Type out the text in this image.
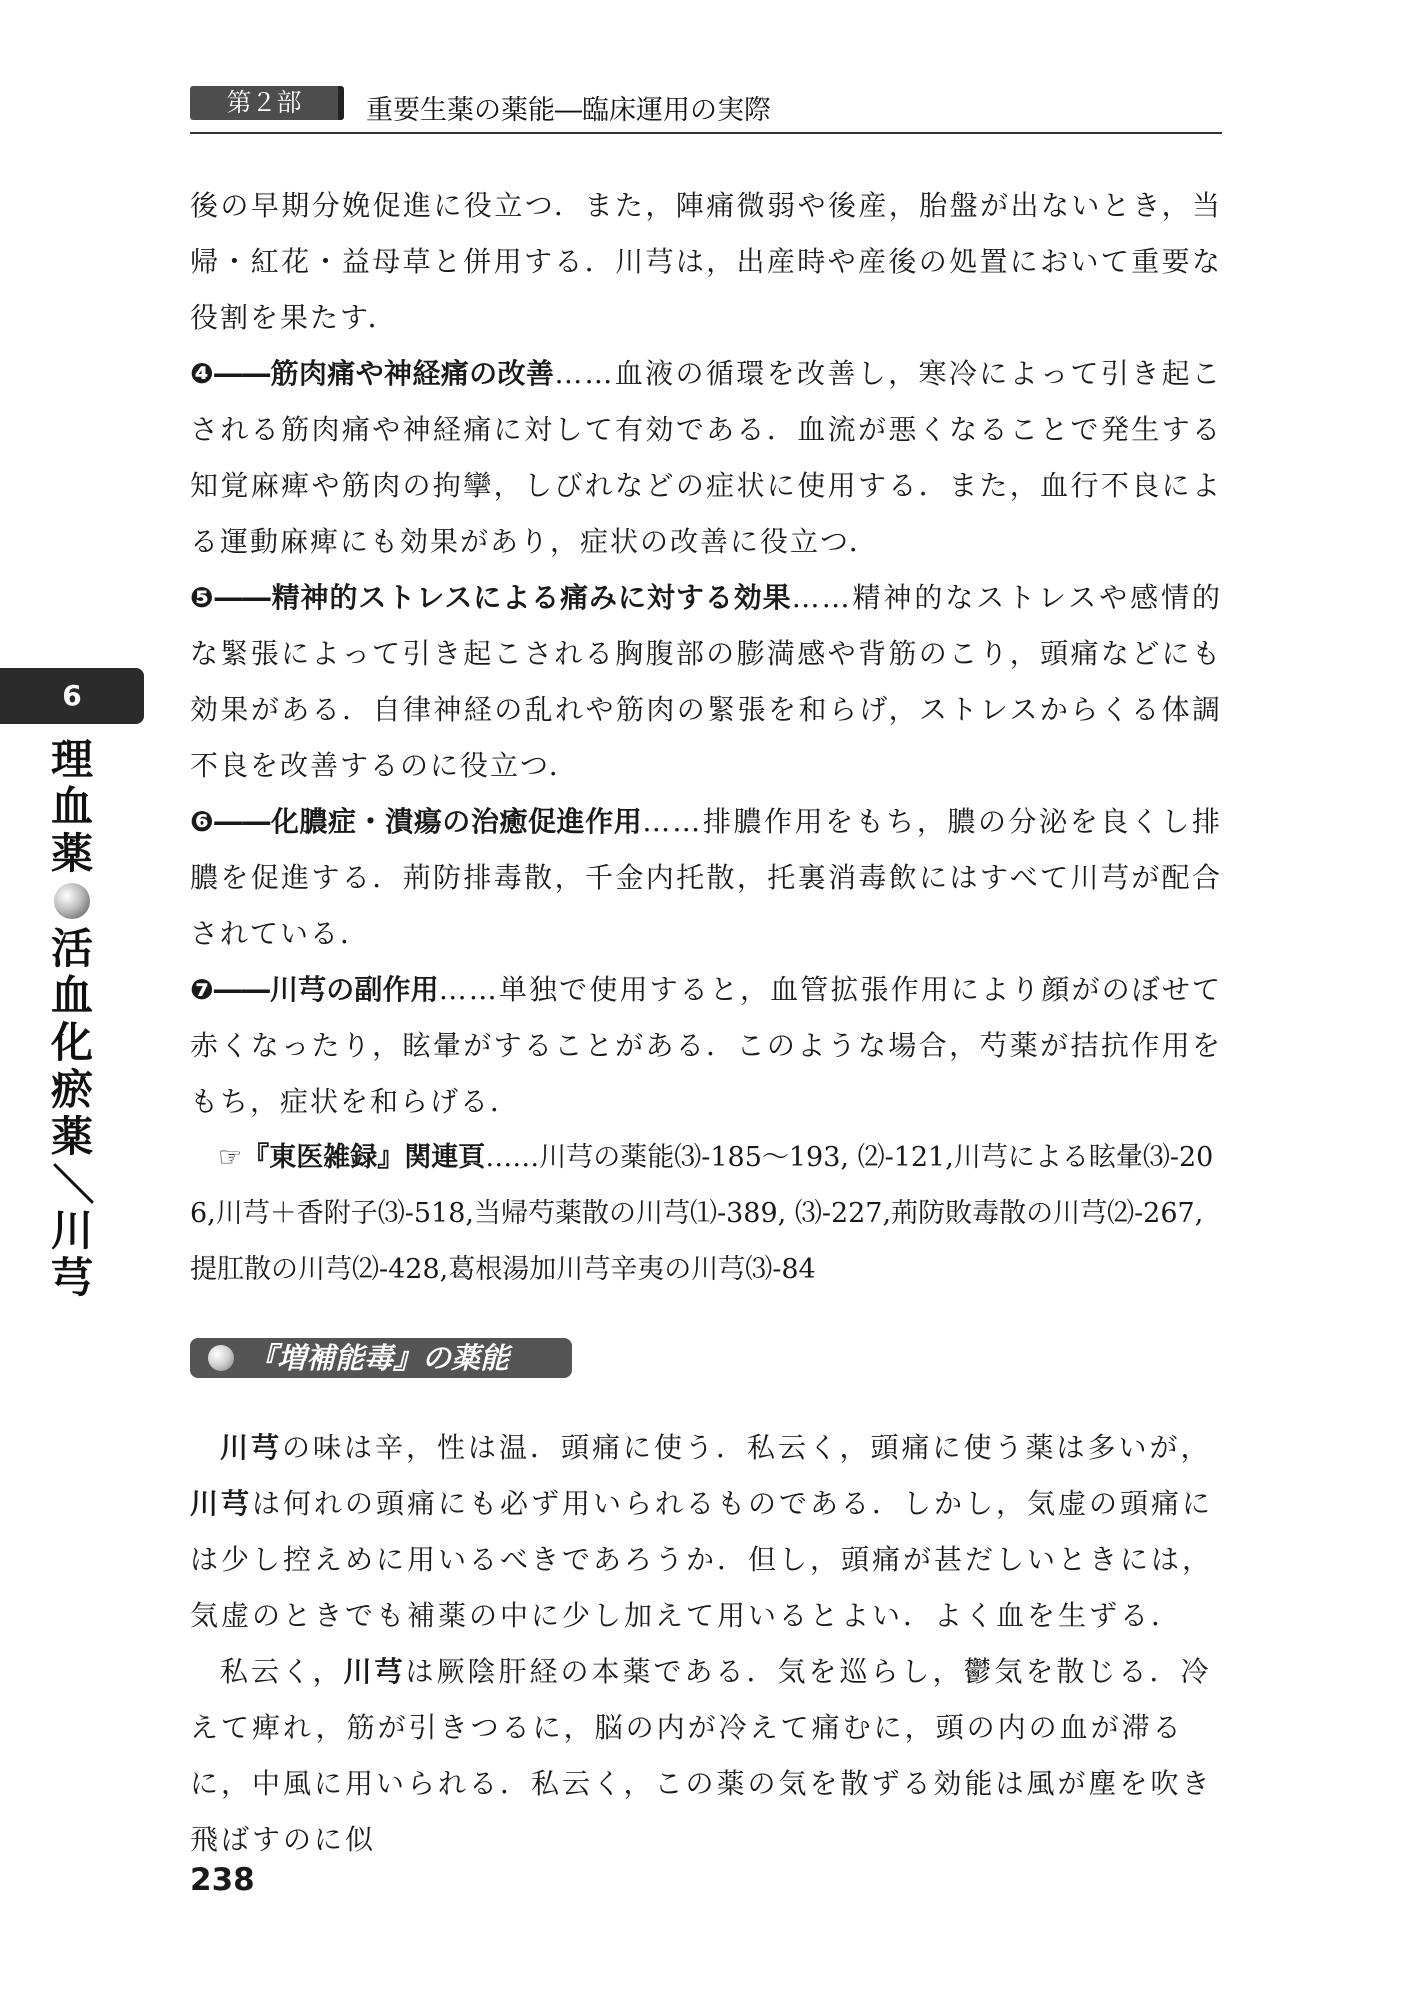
第２部	重要生薬の薬能―臨床運用の実際
6
理
血
薬
活
血
化
瘀
薬
／
川
芎

後の早期分娩促進に役立つ．また，陣痛微弱や後産，胎盤が出ないとき，当帰・紅花・益母草と併用する．川芎は，出産時や産後の処置において重要な役割を果たす．

❹――筋肉痛や神経痛の改善……血液の循環を改善し，寒冷によって引き起こされる筋肉痛や神経痛に対して有効である．血流が悪くなることで発生する知覚麻痺や筋肉の拘攣，しびれなどの症状に使用する．また，血行不良による運動麻痺にも効果があり，症状の改善に役立つ．

❺――精神的ストレスによる痛みに対する効果……精神的なストレスや感情的な緊張によって引き起こされる胸腹部の膨満感や背筋のこり，頭痛などにも効果がある．自律神経の乱れや筋肉の緊張を和らげ，ストレスからくる体調不良を改善するのに役立つ．

❻――化膿症・潰瘍の治癒促進作用……排膿作用をもち，膿の分泌を良くし排膿を促進する．荊防排毒散，千金内托散，托裏消毒飲にはすべて川芎が配合されている．

❼――川芎の副作用……単独で使用すると，血管拡張作用により顔がのぼせて赤くなったり，眩暈がすることがある．このような場合，芍薬が拮抗作用をもち，症状を和らげる．

☞『東医雑録』関連頁……川芎の薬能⑶-185～193, ⑵-121,川芎による眩暈⑶-206,川芎＋香附子⑶-518,当帰芍薬散の川芎⑴-389, ⑶-227,荊防敗毒散の川芎⑵-267,提肛散の川芎⑵-428,葛根湯加川芎辛夷の川芎⑶-84

『増補能毒』の薬能

川芎の味は辛，性は温．頭痛に使う．私云く，頭痛に使う薬は多いが，川芎は何れの頭痛にも必ず用いられるものである．しかし，気虚の頭痛には少し控えめに用いるべきであろうか．但し，頭痛が甚だしいときには，気虚のときでも補薬の中に少し加えて用いるとよい．よく血を生ずる．

私云く，川芎は厥陰肝経の本薬である．気を巡らし，鬱気を散じる．冷えて痺れ，筋が引きつるに，脳の内が冷えて痛むに，頭の内の血が滞るに，中風に用いられる．私云く，この薬の気を散ずる効能は風が塵を吹き飛ばすのに似

238
